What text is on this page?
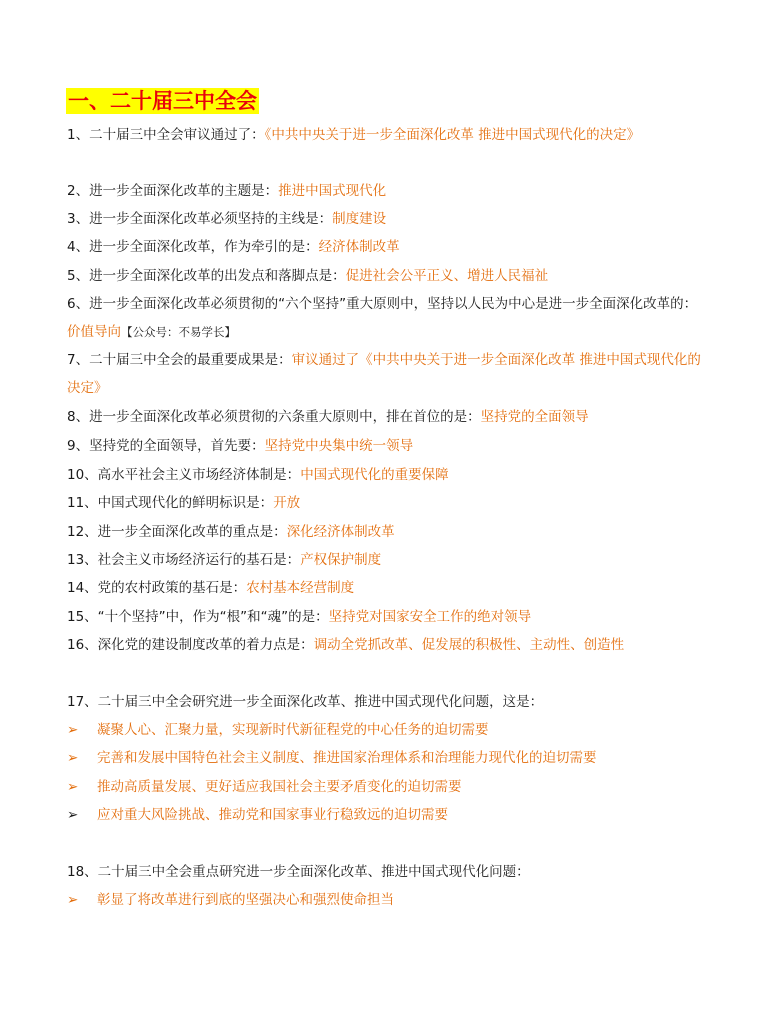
一、二十届三中全会
1、二十届三中全会审议通过了：《中共中央关于进一步全面深化改革 推进中国式现代化的决定》
2、进一步全面深化改革的主题是：推进中国式现代化
3、进一步全面深化改革必须坚持的主线是：制度建设
4、进一步全面深化改革，作为牵引的是：经济体制改革
5、进一步全面深化改革的出发点和落脚点是：促进社会公平正义、增进人民福祉
6、进一步全面深化改革必须贯彻的“六个坚持”重大原则中，坚持以人民为中心是进一步全面深化改革的：价值导向【公众号：不易学长】
7、二十届三中全会的最重要成果是：审议通过了《中共中央关于进一步全面深化改革 推进中国式现代化的决定》
8、进一步全面深化改革必须贯彻的六条重大原则中，排在首位的是：坚持党的全面领导
9、坚持党的全面领导，首先要：坚持党中央集中统一领导
10、高水平社会主义市场经济体制是：中国式现代化的重要保障
11、中国式现代化的鲜明标识是：开放
12、进一步全面深化改革的重点是：深化经济体制改革
13、社会主义市场经济运行的基石是：产权保护制度
14、党的农村政策的基石是：农村基本经营制度
15、“十个坚持”中，作为“根”和“魂”的是：坚持党对国家安全工作的绝对领导
16、深化党的建设制度改革的着力点是：调动全党抓改革、促发展的积极性、主动性、创造性
17、二十届三中全会研究进一步全面深化改革、推进中国式现代化问题，这是：
➢ 凝聚人心、汇聚力量，实现新时代新征程党的中心任务的迫切需要
➢ 完善和发展中国特色社会主义制度、推进国家治理体系和治理能力现代化的迫切需要
➢ 推动高质量发展、更好适应我国社会主要矛盾变化的迫切需要
➢ 应对重大风险挑战、推动党和国家事业行稳致远的迫切需要
18、二十届三中全会重点研究进一步全面深化改革、推进中国式现代化问题：
➢ 彰显了将改革进行到底的坚强决心和强烈使命担当
